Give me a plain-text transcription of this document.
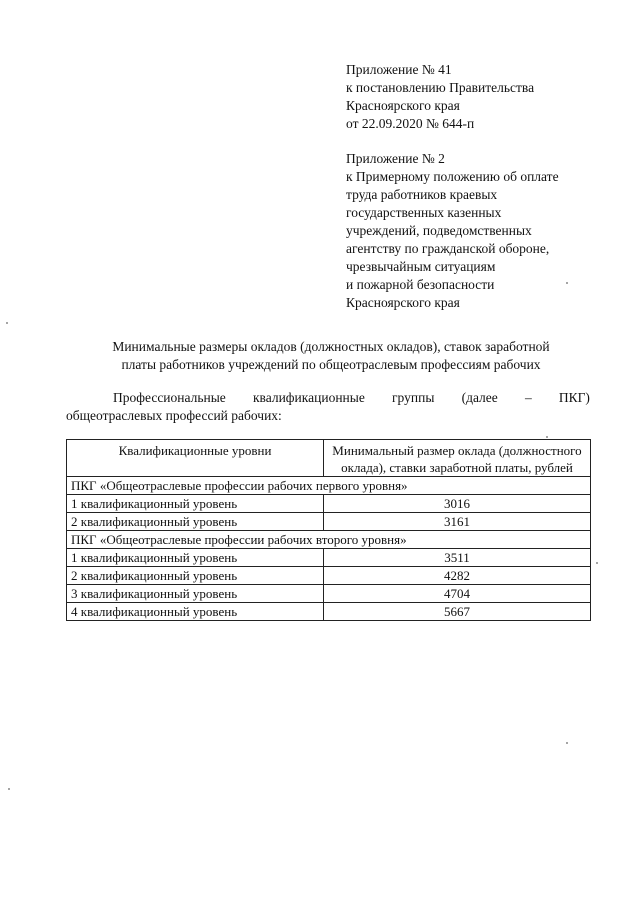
Приложение № 41
к постановлению Правительства
Красноярского края
от 22.09.2020 № 644-п
Приложение № 2
к Примерному положению об оплате
труда работников краевых
государственных казенных
учреждений, подведомственных
агентству по гражданской обороне,
чрезвычайным ситуациям
и пожарной безопасности
Красноярского края
Минимальные размеры окладов (должностных окладов), ставок заработной
платы работников учреждений по общеотраслевым профессиям рабочих
Профессиональные квалификационные группы (далее – ПКГ)
общеотраслевых профессий рабочих:
Квалификационные уровни	Минимальный размер оклада (должностного оклада), ставки заработной платы, рублей
ПКГ «Общеотраслевые профессии рабочих первого уровня»	
1 квалификационный уровень	3016
2 квалификационный уровень	3161
ПКГ «Общеотраслевые профессии рабочих второго уровня»	
1 квалификационный уровень	3511
2 квалификационный уровень	4282
3 квалификационный уровень	4704
4 квалификационный уровень	5667
